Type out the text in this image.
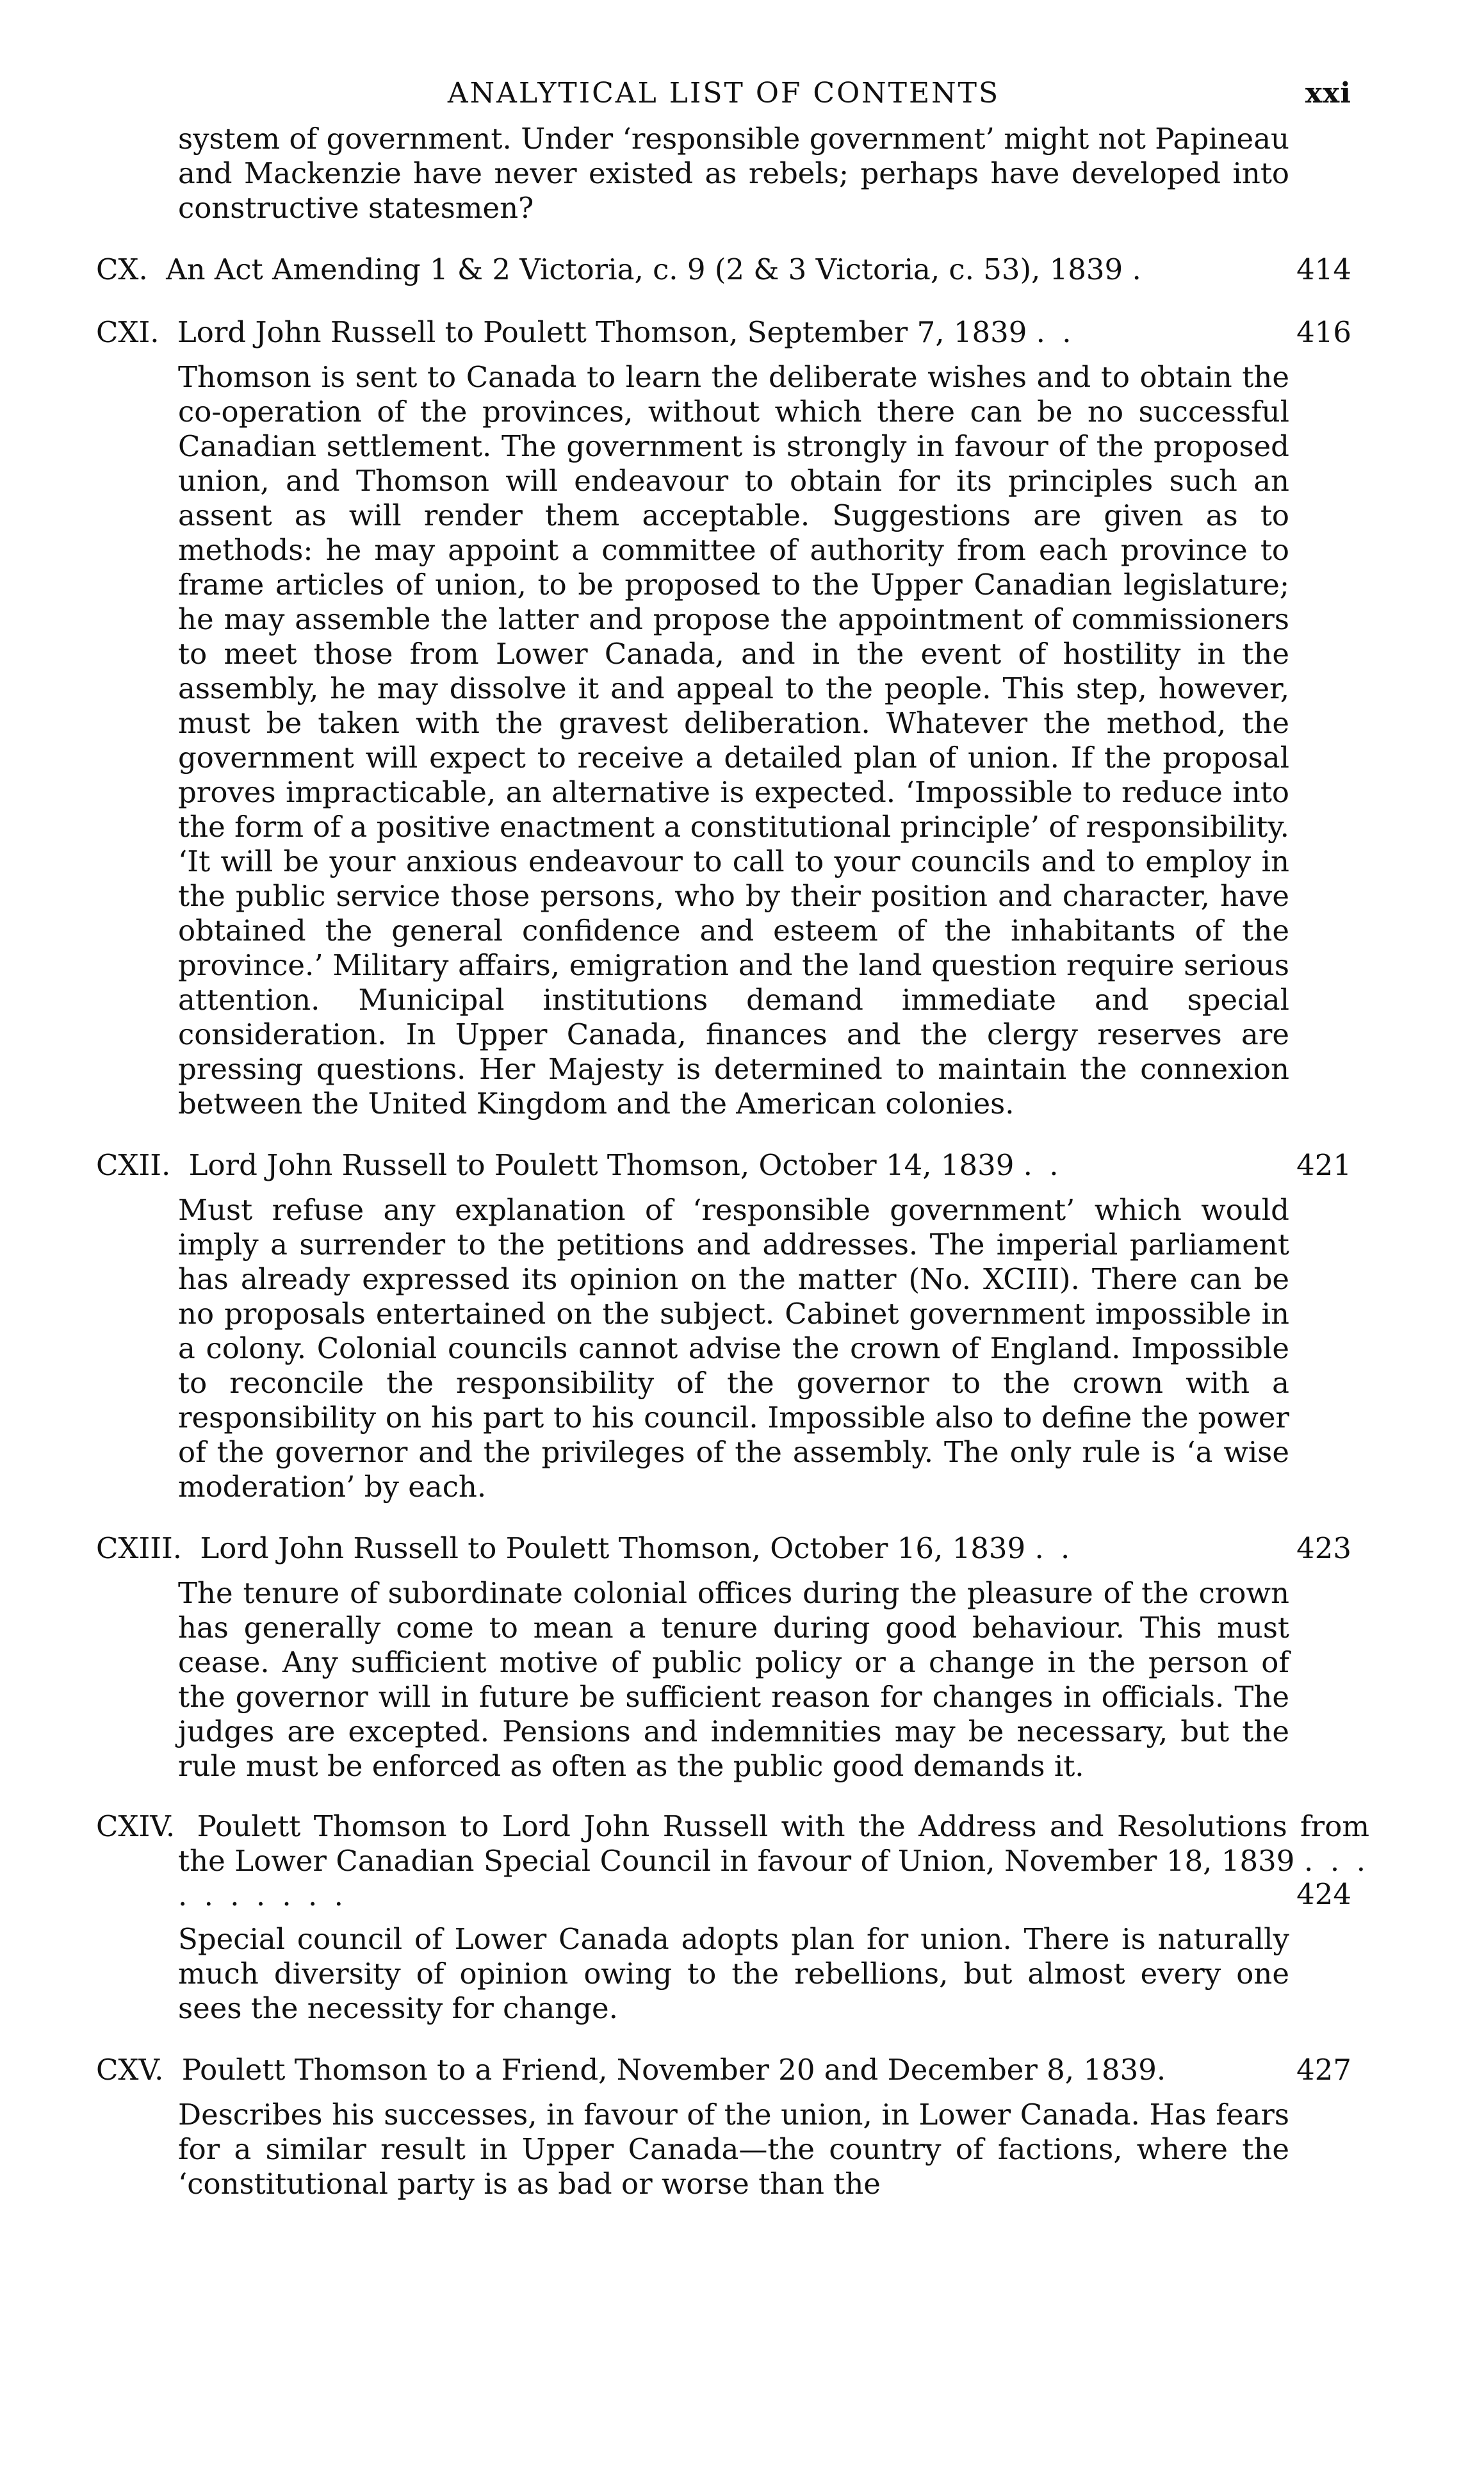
ANALYTICAL LIST OF CONTENTS	xxi

system of government. Under ‘responsible government’ might not Papineau and Mackenzie have never existed as rebels; perhaps have developed into constructive statesmen?

CX. An Act Amending 1 & 2 Victoria, c. 9 (2 & 3 Victoria, c. 53), 1839 .	414
CXI. Lord John Russell to Poulett Thomson, September 7, 1839 . .	416

Thomson is sent to Canada to learn the deliberate wishes and to obtain the co-operation of the provinces, without which there can be no successful Canadian settlement. The government is strongly in favour of the proposed union, and Thomson will endeavour to obtain for its principles such an assent as will render them acceptable. Suggestions are given as to methods: he may appoint a committee of authority from each province to frame articles of union, to be proposed to the Upper Canadian legislature; he may assemble the latter and propose the appointment of commissioners to meet those from Lower Canada, and in the event of hostility in the assembly, he may dissolve it and appeal to the people. This step, however, must be taken with the gravest deliberation. Whatever the method, the government will expect to receive a detailed plan of union. If the proposal proves impracticable, an alternative is expected. ‘Impossible to reduce into the form of a positive enactment a constitutional principle’ of responsibility. ‘It will be your anxious endeavour to call to your councils and to employ in the public service those persons, who by their position and character, have obtained the general confidence and esteem of the inhabitants of the province.’ Military affairs, emigration and the land question require serious attention. Municipal institutions demand immediate and special consideration. In Upper Canada, finances and the clergy reserves are pressing questions. Her Majesty is determined to maintain the connexion between the United Kingdom and the American colonies.

CXII. Lord John Russell to Poulett Thomson, October 14, 1839 . .	421

Must refuse any explanation of ‘responsible government’ which would imply a surrender to the petitions and addresses. The imperial parliament has already expressed its opinion on the matter (No. XCIII). There can be no proposals entertained on the subject. Cabinet government impossible in a colony. Colonial councils cannot advise the crown of England. Impossible to reconcile the responsibility of the governor to the crown with a responsibility on his part to his council. Impossible also to define the power of the governor and the privileges of the assembly. The only rule is ‘a wise moderation’ by each.

CXIII. Lord John Russell to Poulett Thomson, October 16, 1839 . .	423

The tenure of subordinate colonial offices during the pleasure of the crown has generally come to mean a tenure during good behaviour. This must cease. Any sufficient motive of public policy or a change in the person of the governor will in future be sufficient reason for changes in officials. The judges are excepted. Pensions and indemnities may be necessary, but the rule must be enforced as often as the public good demands it.

CXIV. Poulett Thomson to Lord John Russell with the Address and Resolutions from the Lower Canadian Special Council in favour of Union, November 18, 1839 . . . . . . . . . .	424

Special council of Lower Canada adopts plan for union. There is naturally much diversity of opinion owing to the rebellions, but almost every one sees the necessity for change.

CXV. Poulett Thomson to a Friend, November 20 and December 8, 1839.	427

Describes his successes, in favour of the union, in Lower Canada. Has fears for a similar result in Upper Canada—the country of factions, where the ‘constitutional party is as bad or worse than the
